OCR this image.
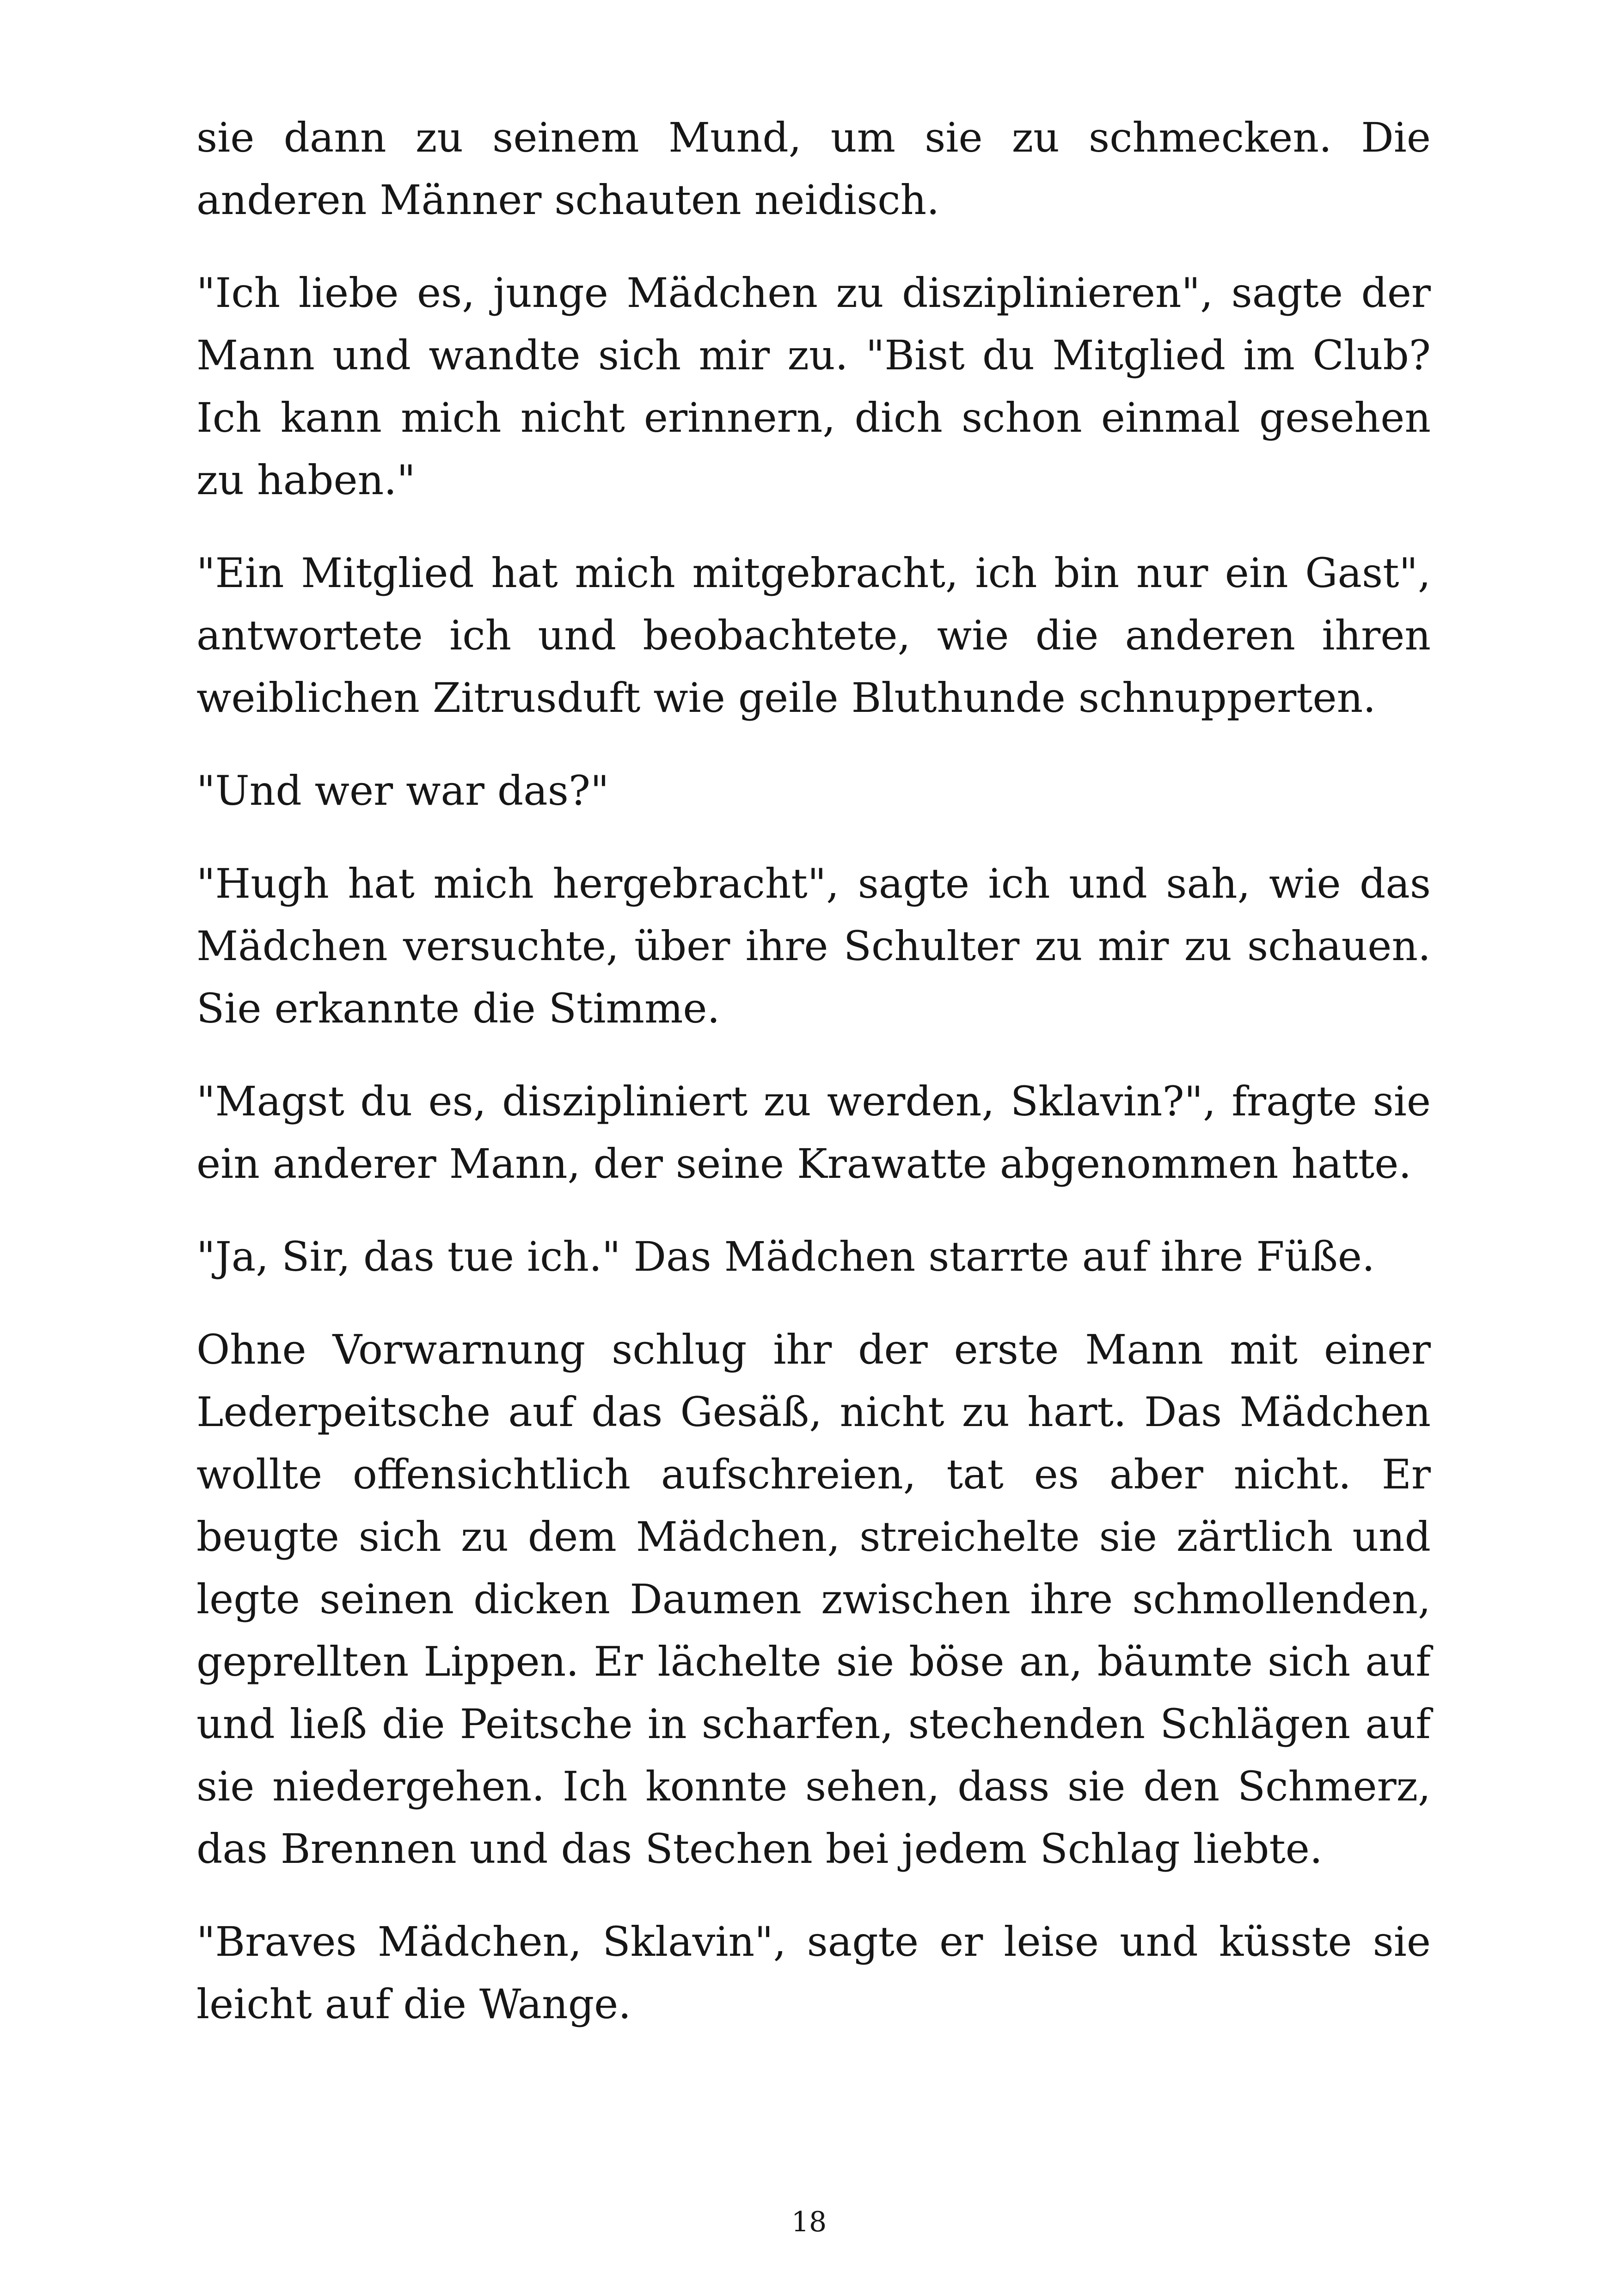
sie dann zu seinem Mund, um sie zu schmecken. Die anderen Männer schauten neidisch.

"Ich liebe es, junge Mädchen zu disziplinieren", sagte der Mann und wandte sich mir zu. "Bist du Mitglied im Club? Ich kann mich nicht erinnern, dich schon einmal gesehen zu haben."

"Ein Mitglied hat mich mitgebracht, ich bin nur ein Gast", antwortete ich und beobachtete, wie die anderen ihren weiblichen Zitrusduft wie geile Bluthunde schnupperten.

"Und wer war das?"

"Hugh hat mich hergebracht", sagte ich und sah, wie das Mädchen versuchte, über ihre Schulter zu mir zu schauen. Sie erkannte die Stimme.

"Magst du es, diszipliniert zu werden, Sklavin?", fragte sie ein anderer Mann, der seine Krawatte abgenommen hatte.

"Ja, Sir, das tue ich." Das Mädchen starrte auf ihre Füße.

Ohne Vorwarnung schlug ihr der erste Mann mit einer Lederpeitsche auf das Gesäß, nicht zu hart. Das Mädchen wollte offensichtlich aufschreien, tat es aber nicht. Er beugte sich zu dem Mädchen, streichelte sie zärtlich und legte seinen dicken Daumen zwischen ihre schmollenden, geprellten Lippen. Er lächelte sie böse an, bäumte sich auf und ließ die Peitsche in scharfen, stechenden Schlägen auf sie niedergehen. Ich konnte sehen, dass sie den Schmerz, das Brennen und das Stechen bei jedem Schlag liebte.

"Braves Mädchen, Sklavin", sagte er leise und küsste sie leicht auf die Wange.

18
